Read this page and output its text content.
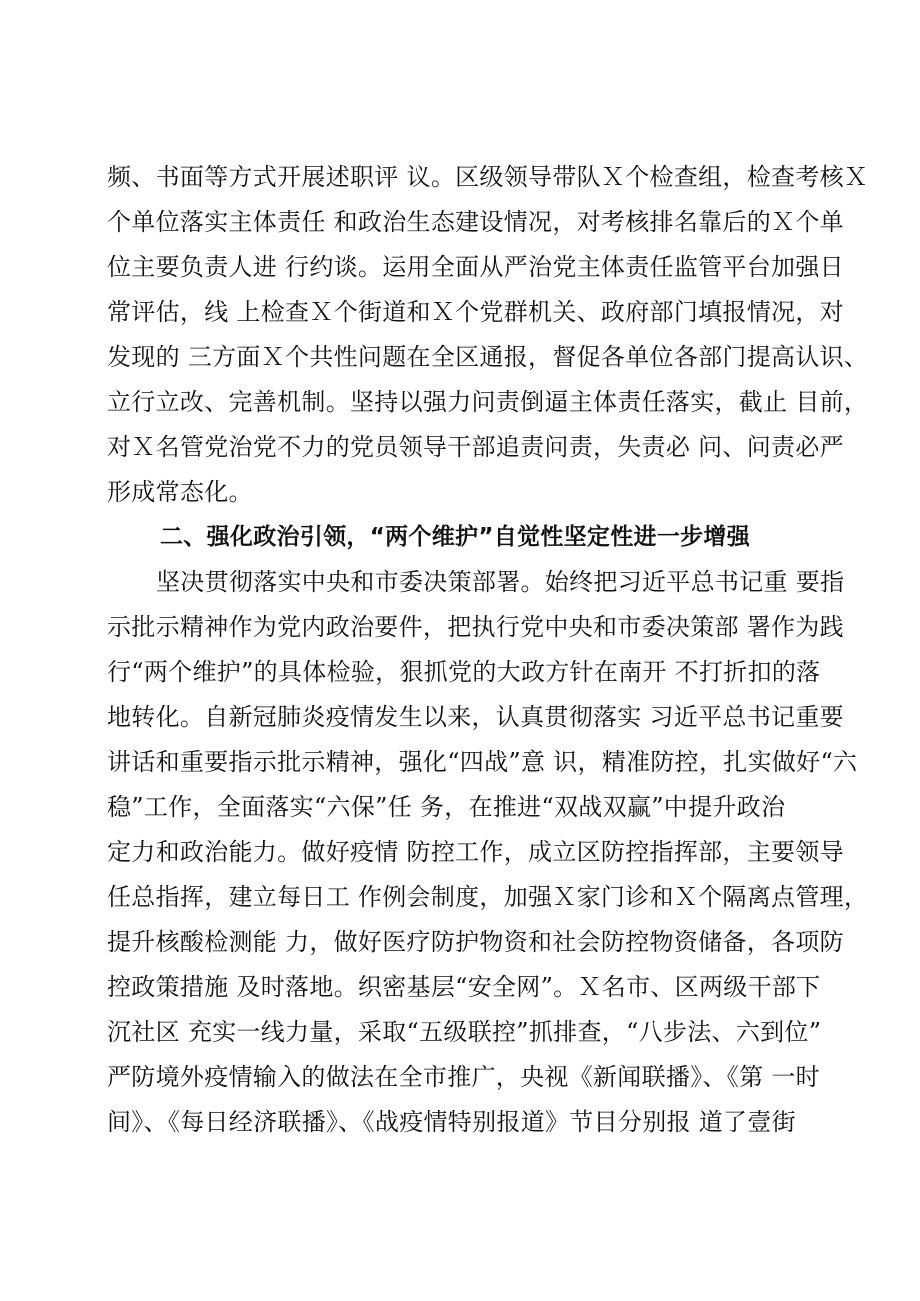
频、书面等方式开展述职评 议。区级领导带队Ｘ个检查组，检查考核Ｘ
个单位落实主体责任 和政治生态建设情况，对考核排名靠后的Ｘ个单
位主要负责人进 行约谈。运用全面从严治党主体责任监管平台加强日
常评估，线 上检查Ｘ个街道和Ｘ个党群机关、政府部门填报情况，对
发现的 三方面Ｘ个共性问题在全区通报，督促各单位各部门提高认识、
立行立改、完善机制。坚持以强力问责倒逼主体责任落实，截止 目前，
对Ｘ名管党治党不力的党员领导干部追责问责，失责必 问、问责必严
形成常态化。
二、强化政治引领，“两个维护”自觉性坚定性进一步增强
坚决贯彻落实中央和市委决策部署。始终把习近平总书记重 要指
示批示精神作为党内政治要件，把执行党中央和市委决策部 署作为践
行“两个维护”的具体检验，狠抓党的大政方针在南开 不打折扣的落
地转化。自新冠肺炎疫情发生以来，认真贯彻落实 习近平总书记重要
讲话和重要指示批示精神，强化“四战”意 识，精准防控，扎实做好“六
稳”工作，全面落实“六保”任 务，在推进“双战双赢”中提升政治
定力和政治能力。做好疫情 防控工作，成立区防控指挥部，主要领导
任总指挥，建立每日工 作例会制度，加强Ｘ家门诊和Ｘ个隔离点管理，
提升核酸检测能 力，做好医疗防护物资和社会防控物资储备，各项防
控政策措施 及时落地。织密基层“安全网”。Ｘ名市、区两级干部下
沉社区 充实一线力量，采取“五级联控”抓排查，“八步法、六到位”
严防境外疫情输入的做法在全市推广，央视《新闻联播》、《第 一时
间》、《每日经济联播》、《战疫情特别报道》节目分别报 道了壹街
